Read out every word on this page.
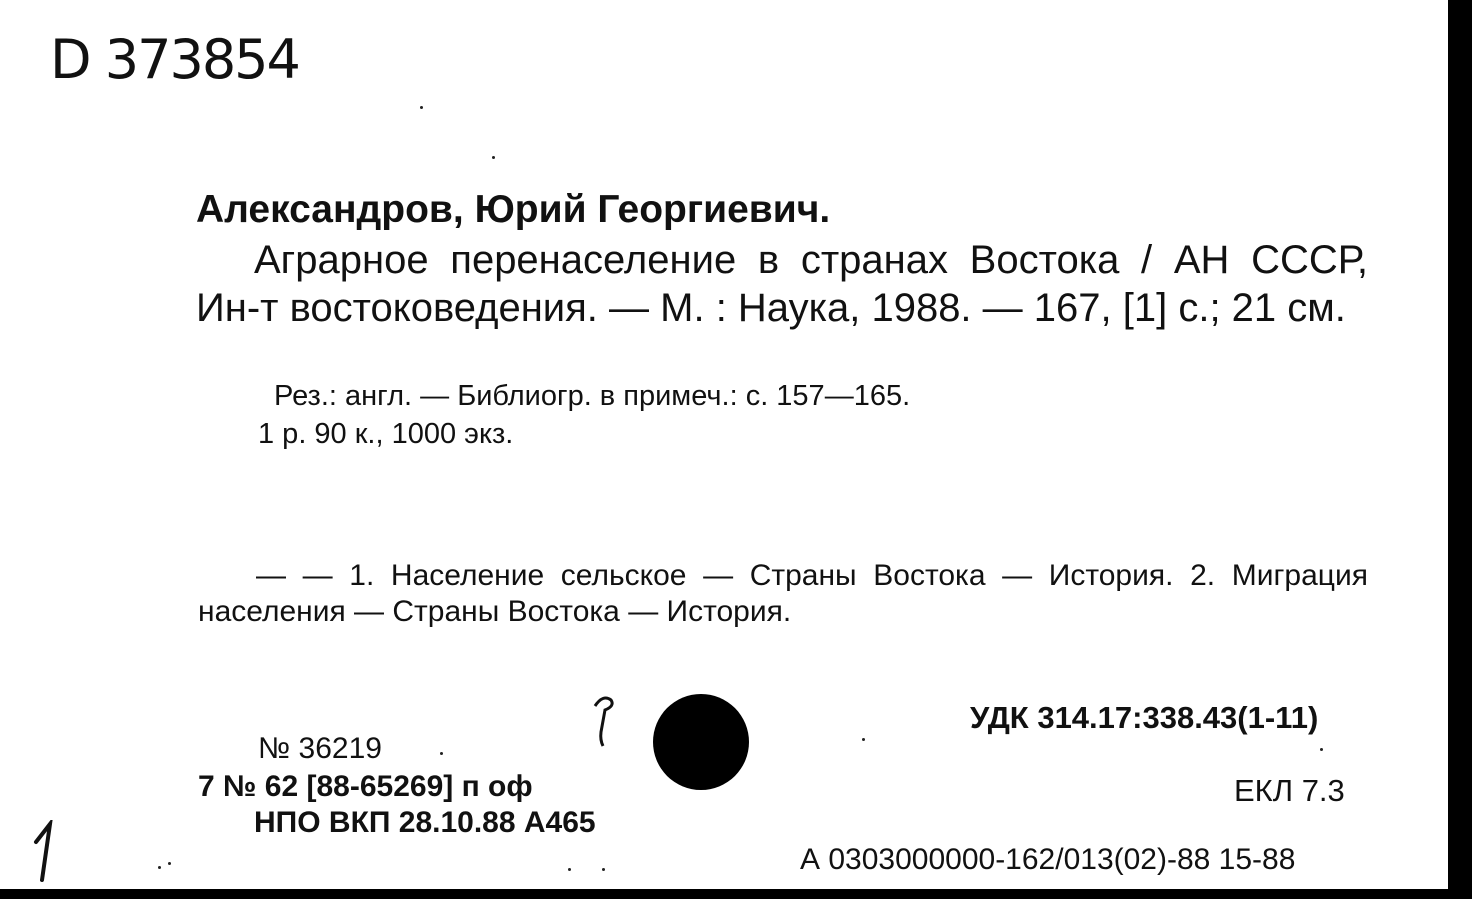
D 373854
Александров, Юрий Георгиевич.
Аграрное перенаселение в странах Востока / АН СССР, Ин-т востоковедения. — М. : Наука, 1988. — 167, [1] с.; 21 см.
Рез.: англ. — Библиогр. в примеч.: с. 157—165.
1 р. 90 к., 1000 экз.
— — 1. Население сельское — Страны Востока — История. 2. Миграция населения — Страны Востока — История.
УДК 314.17:338.43(1-11)
№ 36219
ЕКЛ 7.3
7 № 62 [88-65269] п оф
НПО ВКП 28.10.88 А465
А 0303000000-162/013(02)-88 15-88
